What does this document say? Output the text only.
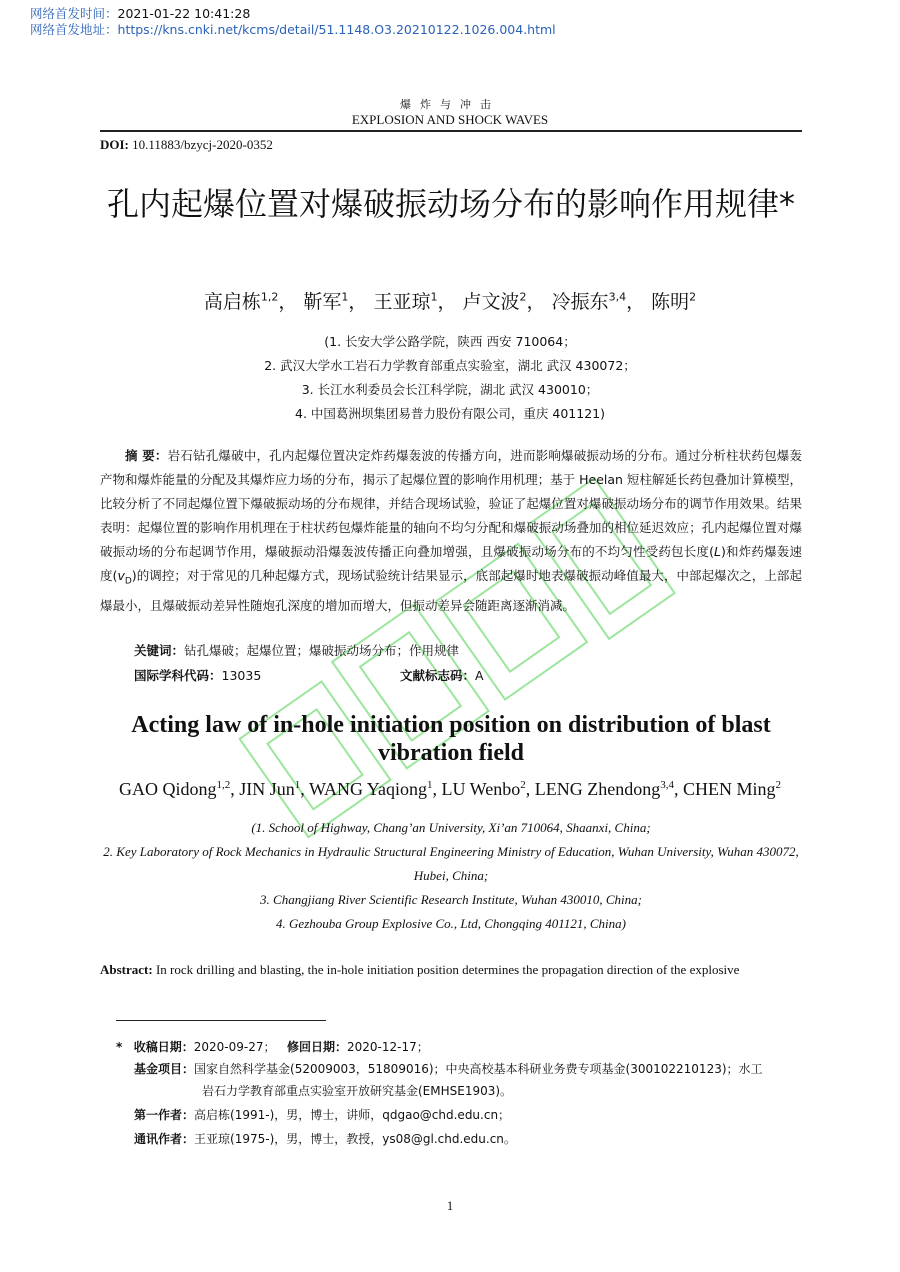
网络首发时间：2021-01-22 10:41:28
网络首发地址：https://kns.cnki.net/kcms/detail/51.1148.O3.20210122.1026.004.html
爆炸与冲击
EXPLOSION AND SHOCK WAVES
DOI: 10.11883/bzycj-2020-0352
孔内起爆位置对爆破振动场分布的影响作用规律*
高启栋$^{1,2}$， 靳军$^1$， 王亚琼$^1$， 卢文波$^2$， 冷振东$^{3,4}$， 陈明$^2$
(1. 长安大学公路学院，陕西 西安 710064；
2. 武汉大学水工岩石力学教育部重点实验室，湖北 武汉 430072；
3. 长江水利委员会长江科学院，湖北 武汉 430010；
4. 中国葛洲坝集团易普力股份有限公司，重庆 401121)

摘 要：岩石钻孔爆破中，孔内起爆位置决定炸药爆轰波的传播方向，进而影响爆破振动场的分布。通过分析柱状药包爆轰产物和爆炸能量的分配及其爆炸应力场的分布，揭示了起爆位置的影响作用机理；基于 Heelan 短柱解延长药包叠加计算模型，比较分析了不同起爆位置下爆破振动场的分布规律，并结合现场试验，验证了起爆位置对爆破振动场分布的调节作用效果。结果表明：起爆位置的影响作用机理在于柱状药包爆炸能量的轴向不均匀分配和爆破振动场叠加的相位延迟效应；孔内起爆位置对爆破振动场的分布起调节作用，爆破振动沿爆轰波传播正向叠加增强，且爆破振动场分布的不均匀性受药包长度(L)和炸药爆轰速度$(v_D)$的调控；对于常见的几种起爆方式，现场试验统计结果显示，底部起爆时地表爆破振动峰值最大，中部起爆次之，上部起爆最小，且爆破振动差异性随炮孔深度的增加而增大，但振动差异会随距离逐渐消减。

关键词：钻孔爆破；起爆位置；爆破振动场分布；作用规律
国际学科代码：13035	文献标志码：A
Acting law of in-hole initiation position on distribution of blast vibration field
GAO Qidong$^{1,2}$, JIN Jun$^1$, WANG Yaqiong$^1$, LU Wenbo$^2$, LENG Zhendong$^{3,4}$, CHEN Ming$^2$
(1. School of Highway, Chang’an University, Xi’an 710064, Shaanxi, China;
2. Key Laboratory of Rock Mechanics in Hydraulic Structural Engineering Ministry of Education, Wuhan University, Wuhan 430072, Hubei, China;
3. Changjiang River Scientific Research Institute, Wuhan 430010, China;
4. Gezhouba Group Explosive Co., Ltd, Chongqing 401121, China)
Abstract: In rock drilling and blasting, the in-hole initiation position determines the propagation direction of the explosive
* 收稿日期：2020-09-27； 修回日期：2020-12-17；
基金项目：国家自然科学基金(52009003，51809016)；中央高校基本科研业务费专项基金(300102210123)；水工
岩石力学教育部重点实验室开放研究基金(EMHSE1903)。
第一作者：高启栋(1991-)，男，博士，讲师，qdgao@chd.edu.cn；
通讯作者：王亚琼(1975-)，男，博士，教授，ys08@gl.chd.edu.cn。
1
